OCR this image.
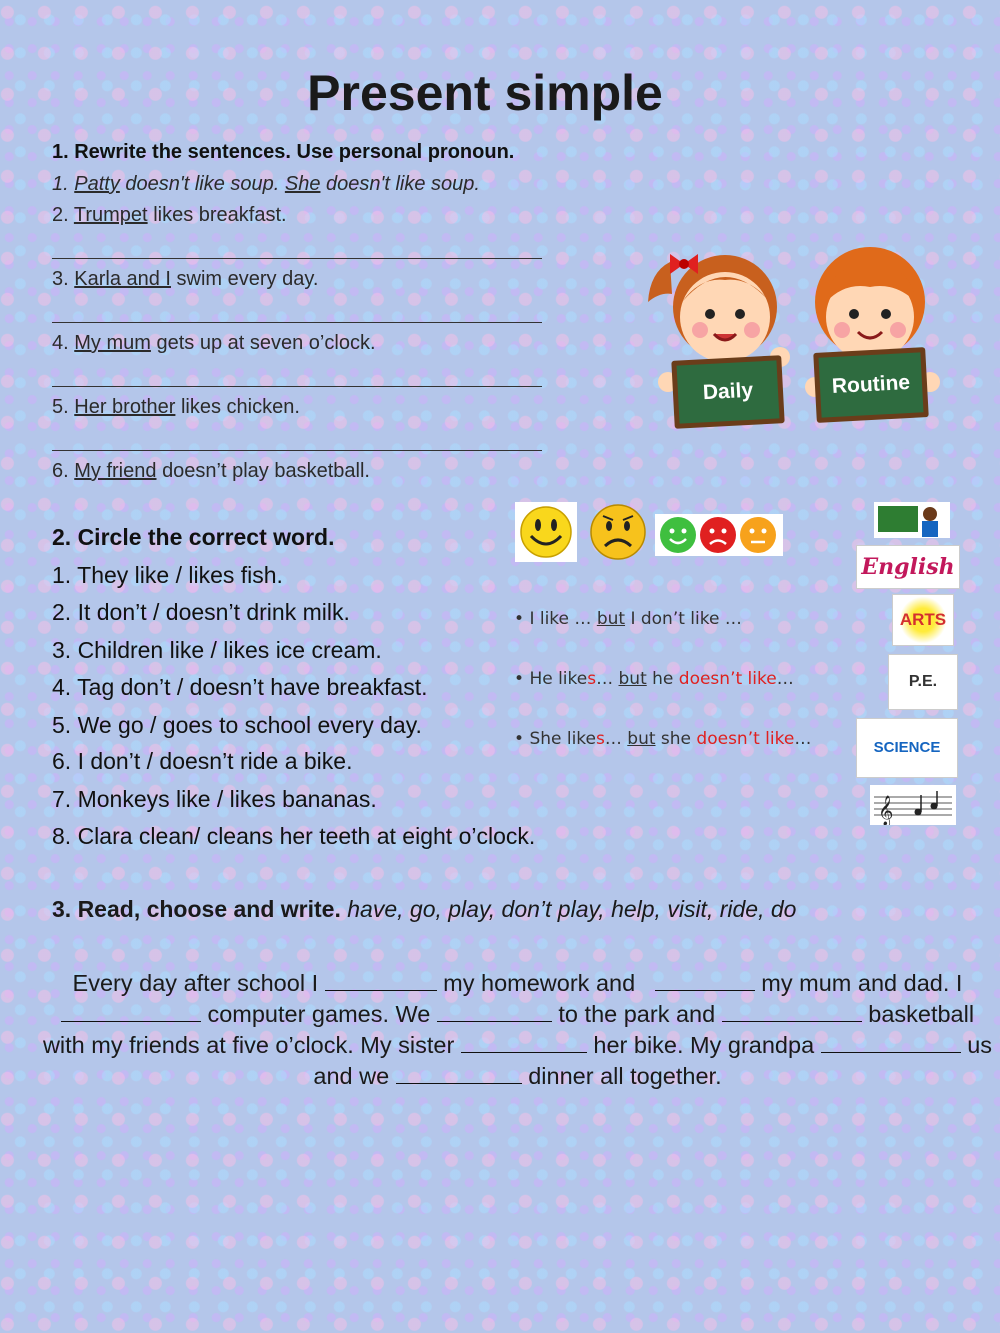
Present simple
1. Rewrite the sentences. Use personal pronoun.
1. Patty doesn't like soup. She doesn't like soup.
2. Trumpet likes breakfast.
3. Karla and I swim every day.
4. My mum gets up at seven o’clock.
5. Her brother likes chicken.
6. My friend doesn’t play basketball.
Daily	Routine
2. Circle the correct word.
1. They like / likes fish.
2. It don’t / doesn’t drink milk.
3. Children like / likes ice cream.
4. Tag don’t / doesn’t have breakfast.
5. We go / goes to school every day.
6. I don’t / doesn’t ride a bike.
7. Monkeys like / likes bananas.
8. Clara clean/ cleans her teeth at eight o’clock.
• I like … but I don’t like …
• He likes… but he doesn’t like…
• She likes… but she doesn’t like…
English
ARTS
P.E.
SCIENCE
𝄞
3. Read, choose and write. have, go, play, don’t play, help, visit, ride, do
Every day after school I	my homework and	my mum and dad. I  computer games. We	to the park and	basketball with my friends at five o’clock. My sister	her bike. My grandpa	us and we	dinner all together.
